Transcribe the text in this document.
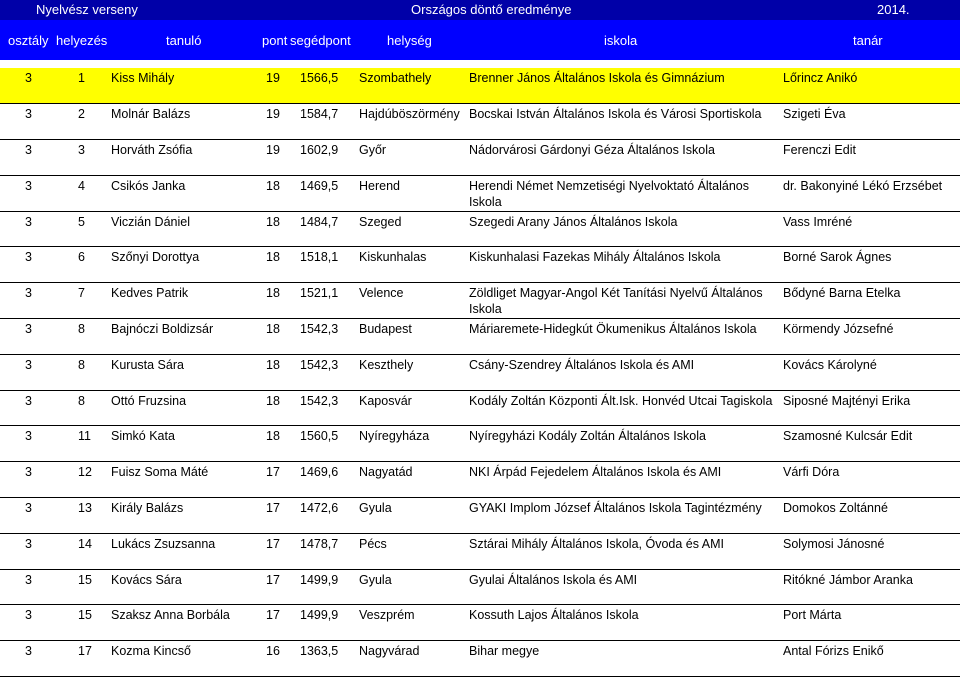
Nyelvész verseny	Országos döntő eredménye	2014.
osztály helyezés	tanuló	pont segédpont	helység	iskola	tanár
3	1	Kiss Mihály	19	1566,5	Szombathely	Brenner János Általános Iskola és Gimnázium	Lőrincz Anikó
3	2	Molnár Balázs	19	1584,7	Hajdúböszörmény	Bocskai István Általános Iskola és Városi Sportiskola	Szigeti Éva
3	3	Horváth Zsófia	19	1602,9	Győr	Nádorvárosi Gárdonyi Géza Általános Iskola	Ferenczi Edit
3	4	Csikós Janka	18	1469,5	Herend	Herendi Német Nemzetiségi Nyelvoktató Általános Iskola	dr. Bakonyiné Lékó Erzsébet
3	5	Viczián Dániel	18	1484,7	Szeged	Szegedi Arany János Általános Iskola	Vass Imréné
3	6	Szőnyi Dorottya	18	1518,1	Kiskunhalas	Kiskunhalasi Fazekas Mihály Általános Iskola	Borné Sarok Ágnes
3	7	Kedves Patrik	18	1521,1	Velence	Zöldliget Magyar-Angol Két Tanítási Nyelvű Általános Iskola	Bődyné Barna Etelka
3	8	Bajnóczi Boldizsár	18	1542,3	Budapest	Máriaremete-Hidegkút Ökumenikus Általános Iskola	Körmendy Józsefné
3	8	Kurusta Sára	18	1542,3	Keszthely	Csány-Szendrey Általános Iskola és AMI	Kovács Károlyné
3	8	Ottó Fruzsina	18	1542,3	Kaposvár	Kodály Zoltán Központi Ált.Isk. Honvéd Utcai Tagiskola	Siposné Majtényi Erika
3	11	Simkó Kata	18	1560,5	Nyíregyháza	Nyíregyházi Kodály Zoltán Általános Iskola	Szamosné Kulcsár Edit
3	12	Fuisz Soma Máté	17	1469,6	Nagyatád	NKI Árpád Fejedelem Általános Iskola és AMI	Várfi Dóra
3	13	Király Balázs	17	1472,6	Gyula	GYAKI Implom József Általános Iskola Tagintézmény	Domokos Zoltánné
3	14	Lukács Zsuzsanna	17	1478,7	Pécs	Sztárai Mihály Általános Iskola, Óvoda és AMI	Solymosi Jánosné
3	15	Kovács Sára	17	1499,9	Gyula	Gyulai Általános Iskola és AMI	Ritókné Jámbor Aranka
3	15	Szaksz Anna Borbála	17	1499,9	Veszprém	Kossuth Lajos Általános Iskola	Port Márta
3	17	Kozma Kincső	16	1363,5	Nagyvárad	Bihar megye	Antal Fórizs Enikő
